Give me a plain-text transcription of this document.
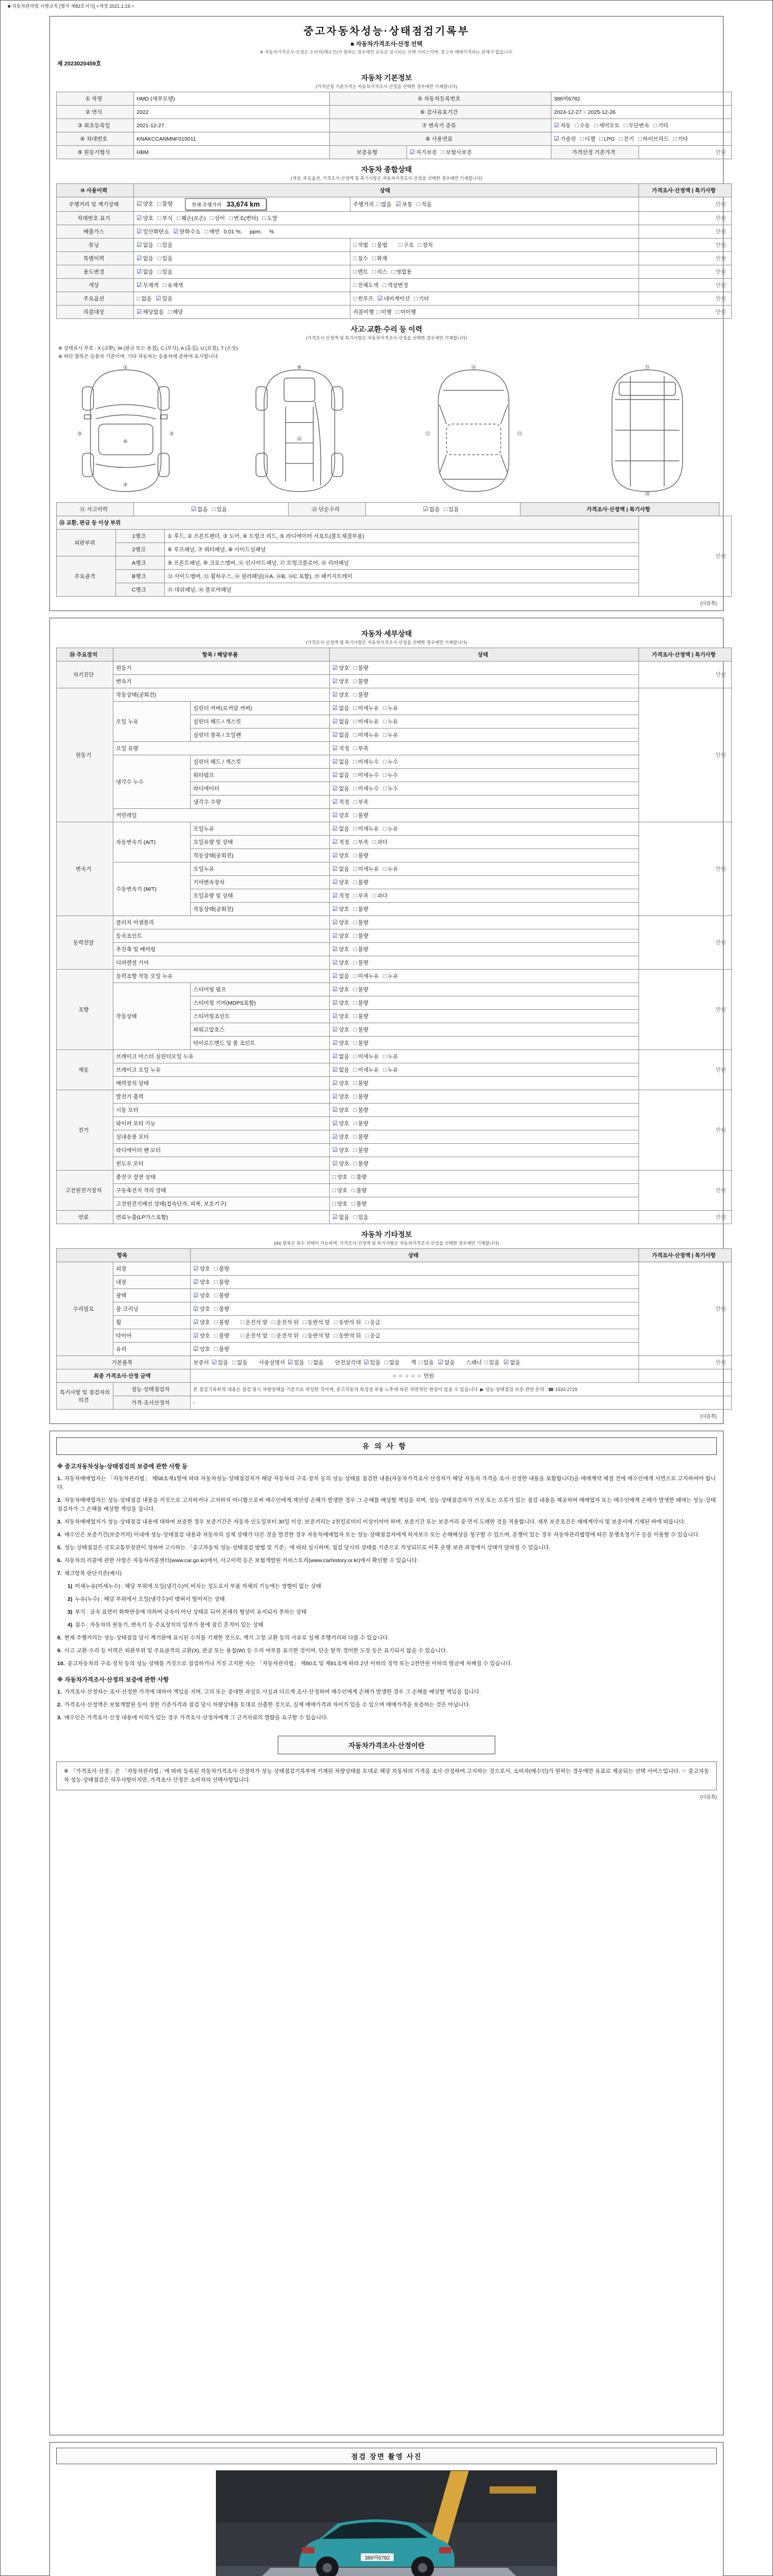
■ 자동차관리법 시행규칙 [별지 제82호서식] <개정 2021.1.19.>
중고자동차성능·상태점검기록부
■ 자동차가격조사·산정 선택
※ 자동차가격조사·산정은 소비자(매수인)가 원하는 경우에만 유료로 실시되는 선택 서비스이며, 중고차 매매가격과는 관계가 없습니다.
제 2023020459호
자동차 기본정보
(가격산정 기준가격은 자동차가격조사·산정을 선택한 경우에만 기재합니다)
① 차명	HMD (세부모델)	⑤ 자동차등록번호		386머6782	
② 연식	2022	⑥ 검사유효기간		2024-12-27 ~ 2025-12-26	
③ 최초등록일	2021-12-27	⑦ 변속기 종류		☑ 자동 □ 수동 □ 세미오토 □ 무단변속 □ 기타	
④ 차대번호	KNAKCCANMNF010011	⑧ 사용연료		☑ 가솔린 □ 디젤 □ LPG □ 전기 □ 하이브리드 □ 기타	
⑨ 원동기형식	HBM	보증유형	☑ 자가보증 □ 보험사보증	가격산정 기준가격	만원
자동차 종합상태
(색상, 주요옵션, 가격조사·산정액 및 특기사항은 자동차가격조사·산정을 선택한 경우에만 기재합니다)
⑩ 사용이력	상태		가격조사·산정액 | 특기사항
주행거리 및 계기상태	☑ 양호 □ 불량 현재 주행거리 33,674 km	주행거리 □ 많음 ☑ 보통 □ 적음	만원
차대번호 표기	☑ 양호 □ 부식 □ 훼손(오손) □ 상이 □ 변조(변타) □ 도말		만원
배출가스	☑ 일산화탄소 ☑ 탄화수소 □ 매연 0.01 %,     ppm,     %		만원
튜닝	☑ 없음 □ 있음	□ 적법 □ 불법 □ 구조 □ 장치	만원
특별이력	☑ 없음 □ 있음	□ 침수 □ 화재	만원
용도변경	☑ 없음 □ 있음	□ 렌트 □ 리스 □ 영업용	만원
색상	☑ 무채색 □ 유채색	□ 전체도색 □ 색상변경	만원
주요옵션	□ 없음 ☑ 있음	□ 썬루프 ☑ 네비게이션 □ 기타	만원
리콜대상	☑ 해당없음 □ 해당	리콜이행 □ 이행 □ 미이행	만원
사고·교환·수리 등 이력
(가격조사·산정액 및 특기사항은 자동차가격조사·산정을 선택한 경우에만 기재합니다)
※ 상태표시 부호 : X (교환), W (판금 또는 용접), C (부식), A (흠집), U (요철), T (손상)
※ 하단 항목은 승용차 기준이며, 기타 자동차는 승용차에 준하여 표시합니다.
①
⑥
④
③	③
⑨
⑯
⑭
⑫	⑫
⑮
⑳
⑪ 사고이력	☑ 없음 □ 있음	⑫ 단순수리	☑ 없음 □ 있음	가격조사·산정액 | 특기사항
⑬ 교환, 판금 등 이상 부위			만원
외판부위	1랭크	① 후드, ② 프론트펜더, ③ 도어, ④ 트렁크 리드, ⑤ 라디에이터 서포트(볼트체결부품)	
	2랭크	⑥ 루프패널, ⑦ 쿼터패널, ⑧ 사이드실패널	
주요골격	A랭크	⑨ 프론트패널, ⑩ 크로스멤버, ⑪ 인사이드패널, ⑰ 트렁크플로어, ⑱ 리어패널	
	B랭크	⑫ 사이드멤버, ⑬ 휠하우스, ⑭ 필러패널(⑭A, ⑭B, ⑭C 포함), ⑲ 패키지트레이	
	C랭크	⑮ 대쉬패널, ⑯ 플로어패널	
(다음쪽)
자동차 세부상태
(가격조사·산정액 및 특기사항은 자동차가격조사·산정을 선택한 경우에만 기재합니다)
⑭ 주요장치	항목 / 해당부품		상태	가격조사·산정액 | 특기사항
자기진단	원동기		☑ 양호 □ 불량	만원
	변속기		☑ 양호 □ 불량	
원동기	작동상태(공회전)		☑ 양호 □ 불량	만원
	오일 누유	실린더 커버(로커암 커버)	☑ 없음 □ 미세누유 □ 누유	
		실린더 헤드 / 개스킷	☑ 없음 □ 미세누유 □ 누유	
		실린더 블록 / 오일팬	☑ 없음 □ 미세누유 □ 누유	
	오일 유량		☑ 적정 □ 부족	
	냉각수 누수	실린더 헤드 / 개스킷	☑ 없음 □ 미세누수 □ 누수	
		워터펌프	☑ 없음 □ 미세누수 □ 누수	
		라디에이터	☑ 없음 □ 미세누수 □ 누수	
		냉각수 수량	☑ 적정 □ 부족	
	커먼레일		☑ 양호 □ 불량	
변속기	자동변속기 (A/T)	오일누유	☑ 없음 □ 미세누유 □ 누유	만원
		오일유량 및 상태	☑ 적정 □ 부족 □ 과다	
		작동상태(공회전)	☑ 양호 □ 불량	
	수동변속기 (M/T)	오일누유	☑ 없음 □ 미세누유 □ 누유	
		기어변속장치	☑ 양호 □ 불량	
		오일유량 및 상태	☑ 적정 □ 부족 □ 과다	
		작동상태(공회전)	☑ 양호 □ 불량	
동력전달	클러치 어셈블리		☑ 양호 □ 불량	만원
	등속조인트		☑ 양호 □ 불량	
	추진축 및 베어링		☑ 양호 □ 불량	
	디퍼렌셜 기어		☑ 양호 □ 불량	
조향	동력조향 작동 오일 누유		☑ 없음 □ 미세누유 □ 누유	만원
	작동상태	스티어링 펌프	☑ 양호 □ 불량	
		스티어링 기어(MDPS포함)	☑ 양호 □ 불량	
		스티어링조인트	☑ 양호 □ 불량	
		파워고압호스	☑ 양호 □ 불량	
		타이로드엔드 및 볼 조인트	☑ 양호 □ 불량	
제동	브레이크 마스터 실린더오일 누유		☑ 없음 □ 미세누유 □ 누유	만원
	브레이크 오일 누유		☑ 없음 □ 미세누유 □ 누유	
	배력장치 상태		☑ 양호 □ 불량	
전기	발전기 출력		☑ 양호 □ 불량	만원
	시동 모터		☑ 양호 □ 불량	
	와이퍼 모터 기능		☑ 양호 □ 불량	
	실내송풍 모터		☑ 양호 □ 불량	
	라디에이터 팬 모터		☑ 양호 □ 불량	
	윈도우 모터		☑ 양호 □ 불량	
고전원전기장치	충전구 절연 상태		□ 양호 □ 불량	만원
	구동축전지 격리 상태		□ 양호 □ 불량	
	고전원전기배선 상태(접속단자, 피복, 보호기구)		□ 양호 □ 불량	
연료	연료누출(LP가스포함)		☑ 없음 □ 있음	만원
자동차 기타정보
((N) 항목은 복수 선택이 가능하며, 가격조사·산정액 및 특기사항은 자동차가격조사·산정을 선택한 경우에만 기재합니다)
항목		상태	가격조사·산정액 | 특기사항
수리필요	외장	☑ 양호 □ 불량	만원
	내장	☑ 양호 □ 불량	
	광택	☑ 양호 □ 불량	
	룸 크리닝	☑ 양호 □ 불량	
	휠	☑ 양호 □ 불량 □ 운전석 앞 □ 운전석 뒤 □ 동반석 앞 □ 동반석 뒤 □ 응급	
	타이어	☑ 양호 □ 불량 □ 운전석 앞 □ 운전석 뒤 □ 동반석 앞 □ 동반석 뒤 □ 응급	
	유리	☑ 양호 □ 불량	
기본품목		보증서 ☑ 있음 □ 없음 사용설명서 ☑ 있음 □ 없음 안전삼각대 ☑ 있음 □ 없음 잭 □ 있음 ☑ 없음 스패너 □ 있음 ☑ 없음	만원
최종 가격조사·산정 금액		○  ○  ○  ○  ○ 만원	
특기사항 및 점검자의 의견	성능·상태점검자	본 점검기록부의 내용은 점검 당시 차량상태를 기준으로 작성한 것이며, 중고자동차 특성상 부품 노후에 따른 자연적인 현상이 있을 수 있습니다. ▶ 성능·상태점검 보증 관련 문의 : ☎ 1533-2729	
	가격·조사산정자	-	
(다음쪽)
유의사항
※ 중고자동차성능·상태점검의 보증에 관한 사항 등

1. 자동차매매업자는 「자동차관리법」 제58조제1항에 따라 자동차성능·상태점검자가 해당 자동차의 구조·장치 등의 성능·상태를 점검한 내용(자동차가격조사·산정자가 해당 자동차 가격을 조사·산정한 내용을 포함합니다)을 매매계약 체결 전에 매수인에게 서면으로 고지하여야 합니다.

2. 자동차매매업자는 성능·상태점검 내용을 거짓으로 고지하거나 고지하지 아니함으로써 매수인에게 재산상 손해가 발생한 경우 그 손해를 배상할 책임을 지며, 성능·상태점검자가 거짓 또는 오류가 있는 점검 내용을 제공하여 매매업자 또는 매수인에게 손해가 발생한 때에는 성능·상태점검자가 그 손해를 배상할 책임을 집니다.

3. 자동차매매업자가 성능·상태점검 내용에 대하여 보증한 경우 보증기간은 자동차 인도일부터 30일 이상, 보증거리는 2천킬로미터 이상이어야 하며, 보증기간 또는 보증거리 중 먼저 도래한 것을 적용합니다. 세부 보증조건은 매매계약서 및 보증서에 기재된 바에 따릅니다.

4. 매수인은 보증기간(보증거리) 이내에 성능·상태점검 내용과 자동차의 실제 상태가 다른 것을 발견한 경우 자동차매매업자 또는 성능·상태점검자에게 하자보수 또는 손해배상을 청구할 수 있으며, 분쟁이 있는 경우 자동차관리법령에 따른 분쟁조정기구 등을 이용할 수 있습니다.

5. 성능·상태점검은 국토교통부장관이 정하여 고시하는 「중고자동차 성능·상태점검 방법 및 기준」에 따라 실시하며, 점검 당시의 상태를 기준으로 작성되므로 이후 운행·보관 과정에서 상태가 달라질 수 있습니다.

6. 자동차의 리콜에 관한 사항은 자동차리콜센터(www.car.go.kr)에서, 사고이력 등은 보험개발원 카히스토리(www.carhistory.or.kr)에서 확인할 수 있습니다.

7. 체크항목 판단기준(예시)

1) 미세누유(미세누수) : 해당 부위에 오일(냉각수)이 비치는 정도로서 부품 자체의 기능에는 영향이 없는 상태

2) 누유(누수) : 해당 부위에서 오일(냉각수)이 맺혀서 떨어지는 상태

3) 부식 : 금속 표면이 화학반응에 의하여 금속이 아닌 상태로 되어 본래의 형상이 유지되지 못하는 상태

4) 침수 : 자동차의 원동기, 변속기 등 주요장치의 일부가 물에 잠긴 흔적이 있는 상태

8. 현재 주행거리는 성능·상태점검 당시 계기판에 표시된 수치를 기재한 것으로, 계기 고장·교환 등의 사유로 실제 주행거리와 다를 수 있습니다.

9. 사고·교환·수리 등 이력은 외판부위 및 주요골격의 교환(X), 판금 또는 용접(W) 등 수리 여부를 표기한 것이며, 단순 탈착·경미한 도장 등은 표기되지 않을 수 있습니다.

10. 중고자동차의 구조·장치 등의 성능·상태를 거짓으로 점검하거나 거짓 고지한 자는 「자동차관리법」 제80조 및 제81조에 따라 2년 이하의 징역 또는 2천만원 이하의 벌금에 처해질 수 있습니다.

※ 자동차가격조사·산정의 보증에 관한 사항

1. 가격조사·산정자는 조사·산정한 가격에 대하여 책임을 지며, 고의 또는 중대한 과실로 사실과 다르게 조사·산정하여 매수인에게 손해가 발생한 경우 그 손해를 배상할 책임을 집니다.

2. 가격조사·산정액은 보험개발원 등이 정한 기준가격과 점검 당시 차량상태를 토대로 산출한 것으로, 실제 매매가격과 차이가 있을 수 있으며 매매가격을 보증하는 것은 아닙니다.

3. 매수인은 가격조사·산정 내용에 이의가 있는 경우 가격조사·산정자에게 그 근거자료의 열람을 요구할 수 있습니다.

자동차가격조사·산정이란
※ 「가격조사·산정」은 「자동차관리법」에 따라 등록된 자동차가격조사·산정자가 성능·상태점검기록부에 기재된 차량상태를 토대로 해당 자동차의 가격을 조사·산정하여 고지하는 것으로서, 소비자(매수인)가 원하는 경우에만 유료로 제공되는 선택 서비스입니다. ☞ 중고자동차 성능·상태점검은 의무사항이지만, 가격조사·산정은 소비자의 선택사항입니다.
(다음쪽)
점검 장면 촬영 사진
386머6782
